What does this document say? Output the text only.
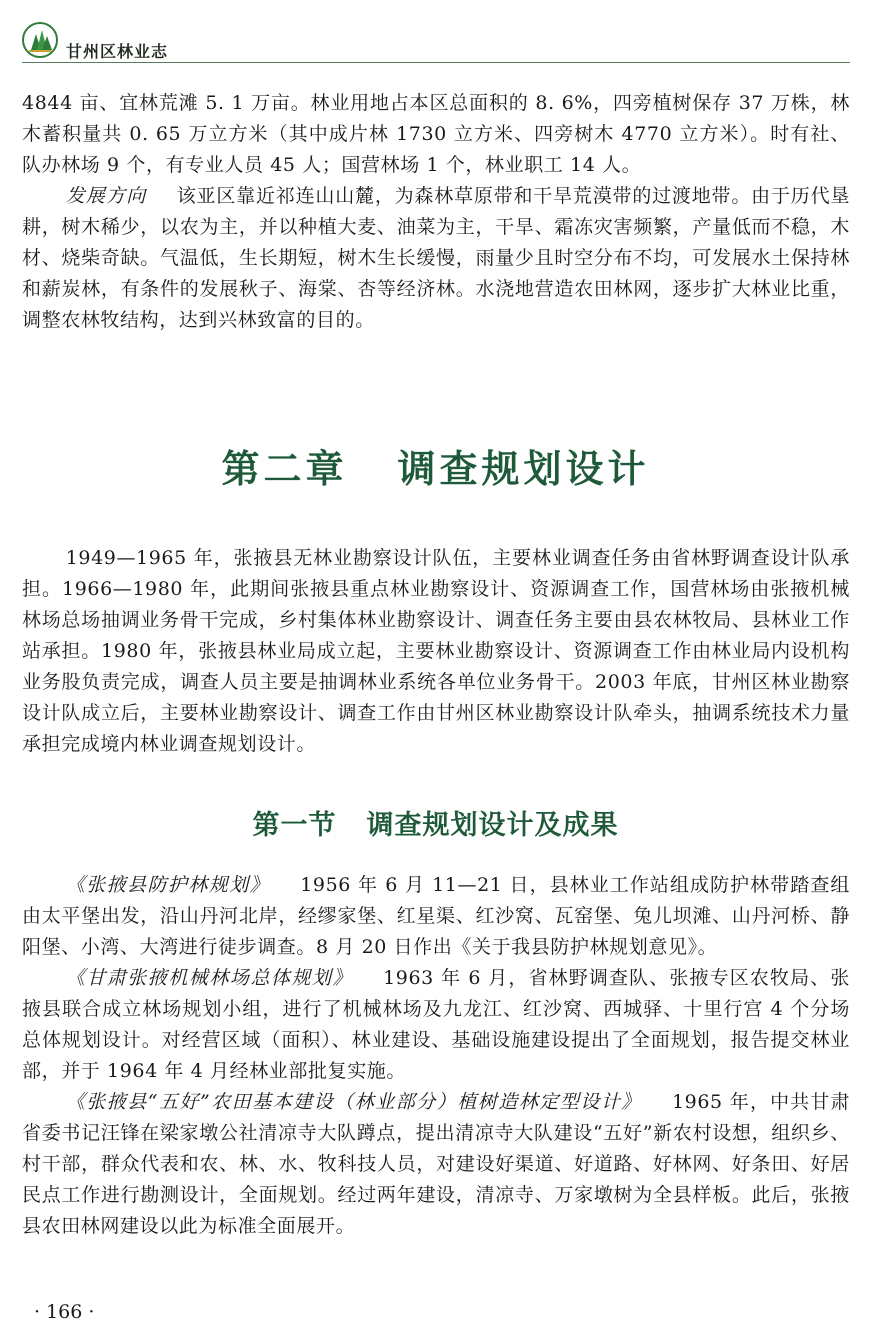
甘州区林业志

4844 亩、宜林荒滩 5. 1 万亩。林业用地占本区总面积的 8. 6%，四旁植树保存 37 万株，林木蓄积量共 0. 65 万立方米（其中成片林 1730 立方米、四旁树木 4770 立方米）。时有社、队办林场 9 个，有专业人员 45 人；国营林场 1 个，林业职工 14 人。

发展方向 该亚区靠近祁连山山麓，为森林草原带和干旱荒漠带的过渡地带。由于历代垦耕，树木稀少，以农为主，并以种植大麦、油菜为主，干旱、霜冻灾害频繁，产量低而不稳，木材、烧柴奇缺。气温低，生长期短，树木生长缓慢，雨量少且时空分布不均，可发展水土保持林和薪炭林，有条件的发展秋子、海棠、杏等经济林。水浇地营造农田林网，逐步扩大林业比重，调整农林牧结构，达到兴林致富的目的。

第二章 调查规划设计

1949—1965 年，张掖县无林业勘察设计队伍，主要林业调查任务由省林野调查设计队承担。1966—1980 年，此期间张掖县重点林业勘察设计、资源调查工作，国营林场由张掖机械林场总场抽调业务骨干完成，乡村集体林业勘察设计、调查任务主要由县农林牧局、县林业工作站承担。1980 年，张掖县林业局成立起，主要林业勘察设计、资源调查工作由林业局内设机构业务股负责完成，调查人员主要是抽调林业系统各单位业务骨干。2003 年底，甘州区林业勘察设计队成立后，主要林业勘察设计、调查工作由甘州区林业勘察设计队牵头，抽调系统技术力量承担完成境内林业调查规划设计。

第一节 调查规划设计及成果

《张掖县防护林规划》 1956 年 6 月 11—21 日，县林业工作站组成防护林带踏查组由太平堡出发，沿山丹河北岸，经缪家堡、红星渠、红沙窝、瓦窑堡、兔儿坝滩、山丹河桥、静阳堡、小湾、大湾进行徒步调查。8 月 20 日作出《关于我县防护林规划意见》。

《甘肃张掖机械林场总体规划》 1963 年 6 月，省林野调查队、张掖专区农牧局、张掖县联合成立林场规划小组，进行了机械林场及九龙江、红沙窝、西城驿、十里行宫 4 个分场总体规划设计。对经营区域（面积）、林业建设、基础设施建设提出了全面规划，报告提交林业部，并于 1964 年 4 月经林业部批复实施。

《张掖县“五好”农田基本建设（林业部分）植树造林定型设计》 1965 年，中共甘肃省委书记汪锋在梁家墩公社清凉寺大队蹲点，提出清凉寺大队建设“五好”新农村设想，组织乡、村干部，群众代表和农、林、水、牧科技人员，对建设好渠道、好道路、好林网、好条田、好居民点工作进行勘测设计，全面规划。经过两年建设，清凉寺、万家墩树为全县样板。此后，张掖县农田林网建设以此为标准全面展开。

· 166 ·
